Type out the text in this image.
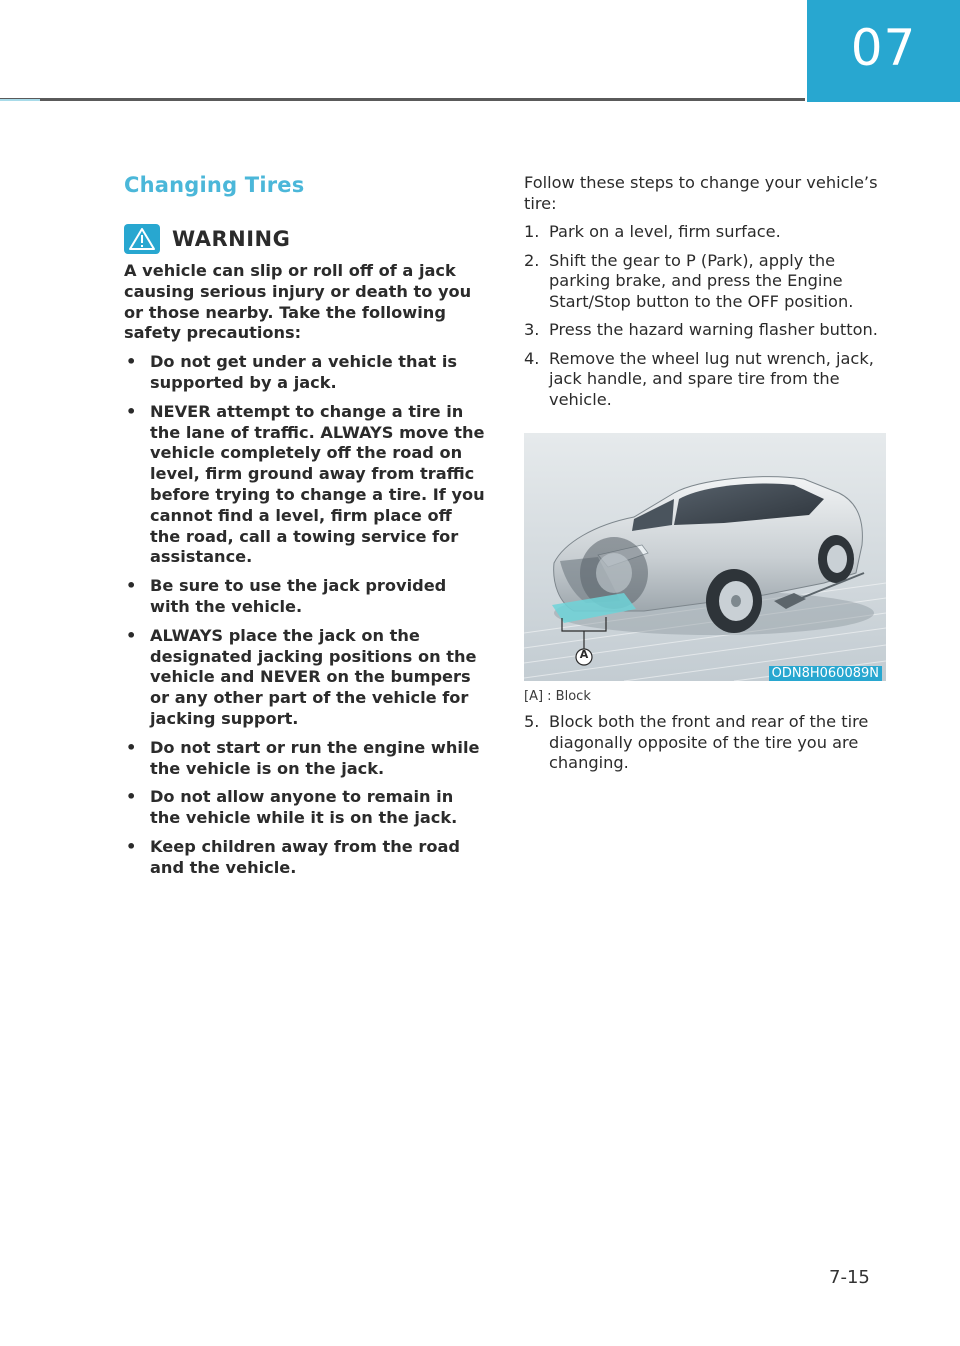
07
Changing Tires
WARNING

A vehicle can slip or roll off of a jack causing serious injury or death to you or those nearby. Take the following safety precautions:

• Do not get under a vehicle that is supported by a jack.
• NEVER attempt to change a tire in the lane of traffic. ALWAYS move the vehicle completely off the road on level, firm ground away from traffic before trying to change a tire. If you cannot find a level, firm place off the road, call a towing service for assistance.
• Be sure to use the jack provided with the vehicle.
• ALWAYS place the jack on the designated jacking positions on the vehicle and NEVER on the bumpers or any other part of the vehicle for jacking support.
• Do not start or run the engine while the vehicle is on the jack.
• Do not allow anyone to remain in the vehicle while it is on the jack.
• Keep children away from the road and the vehicle.

Follow these steps to change your vehicle’s tire:

1. Park on a level, firm surface.
2. Shift the gear to P (Park), apply the parking brake, and press the Engine Start/Stop button to the OFF position.
3. Press the hazard warning flasher button.
4. Remove the wheel lug nut wrench, jack, jack handle, and spare tire from the vehicle.
A
ODN8H060089N
[A] : Block
5. Block both the front and rear of the tire diagonally opposite of the tire you are changing.
7-15
